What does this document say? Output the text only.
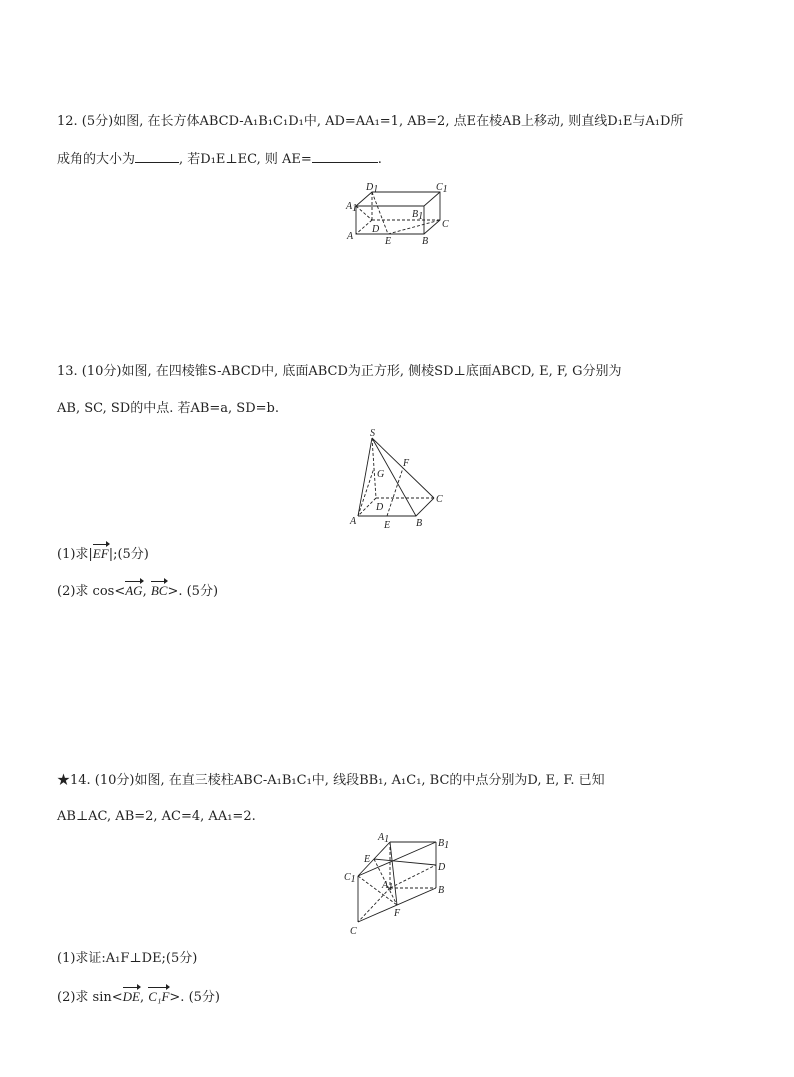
12. (5分)如图, 在长方体ABCD-A₁B₁C₁D₁中, AD=AA₁=1, AB=2, 点E在棱AB上移动, 则直线D₁E与A₁D所
成角的大小为	, 若D₁E⊥EC, 则 AE=	.
D1	C1
A1
B1
D	C
A	E	B
13. (10分)如图, 在四棱锥S-ABCD中, 底面ABCD为正方形, 侧棱SD⊥底面ABCD, E, F, G分别为
AB, SC, SD的中点. 若AB=a, SD=b.
S
G
F
D
C
A	E	B
(1)求|EF|;(5分)
(2)求 cos<AG, BC>. (5分)
★14. (10分)如图, 在直三棱柱ABC-A₁B₁C₁中, 线段BB₁, A₁C₁, BC的中点分别为D, E, F. 已知
AB⊥AC, AB=2, AC=4, AA₁=2.
A1	B1
E
D
C1
A1	B
F
C
(1)求证:A₁F⊥DE;(5分)
(2)求 sin<DE, C₁F>. (5分)
